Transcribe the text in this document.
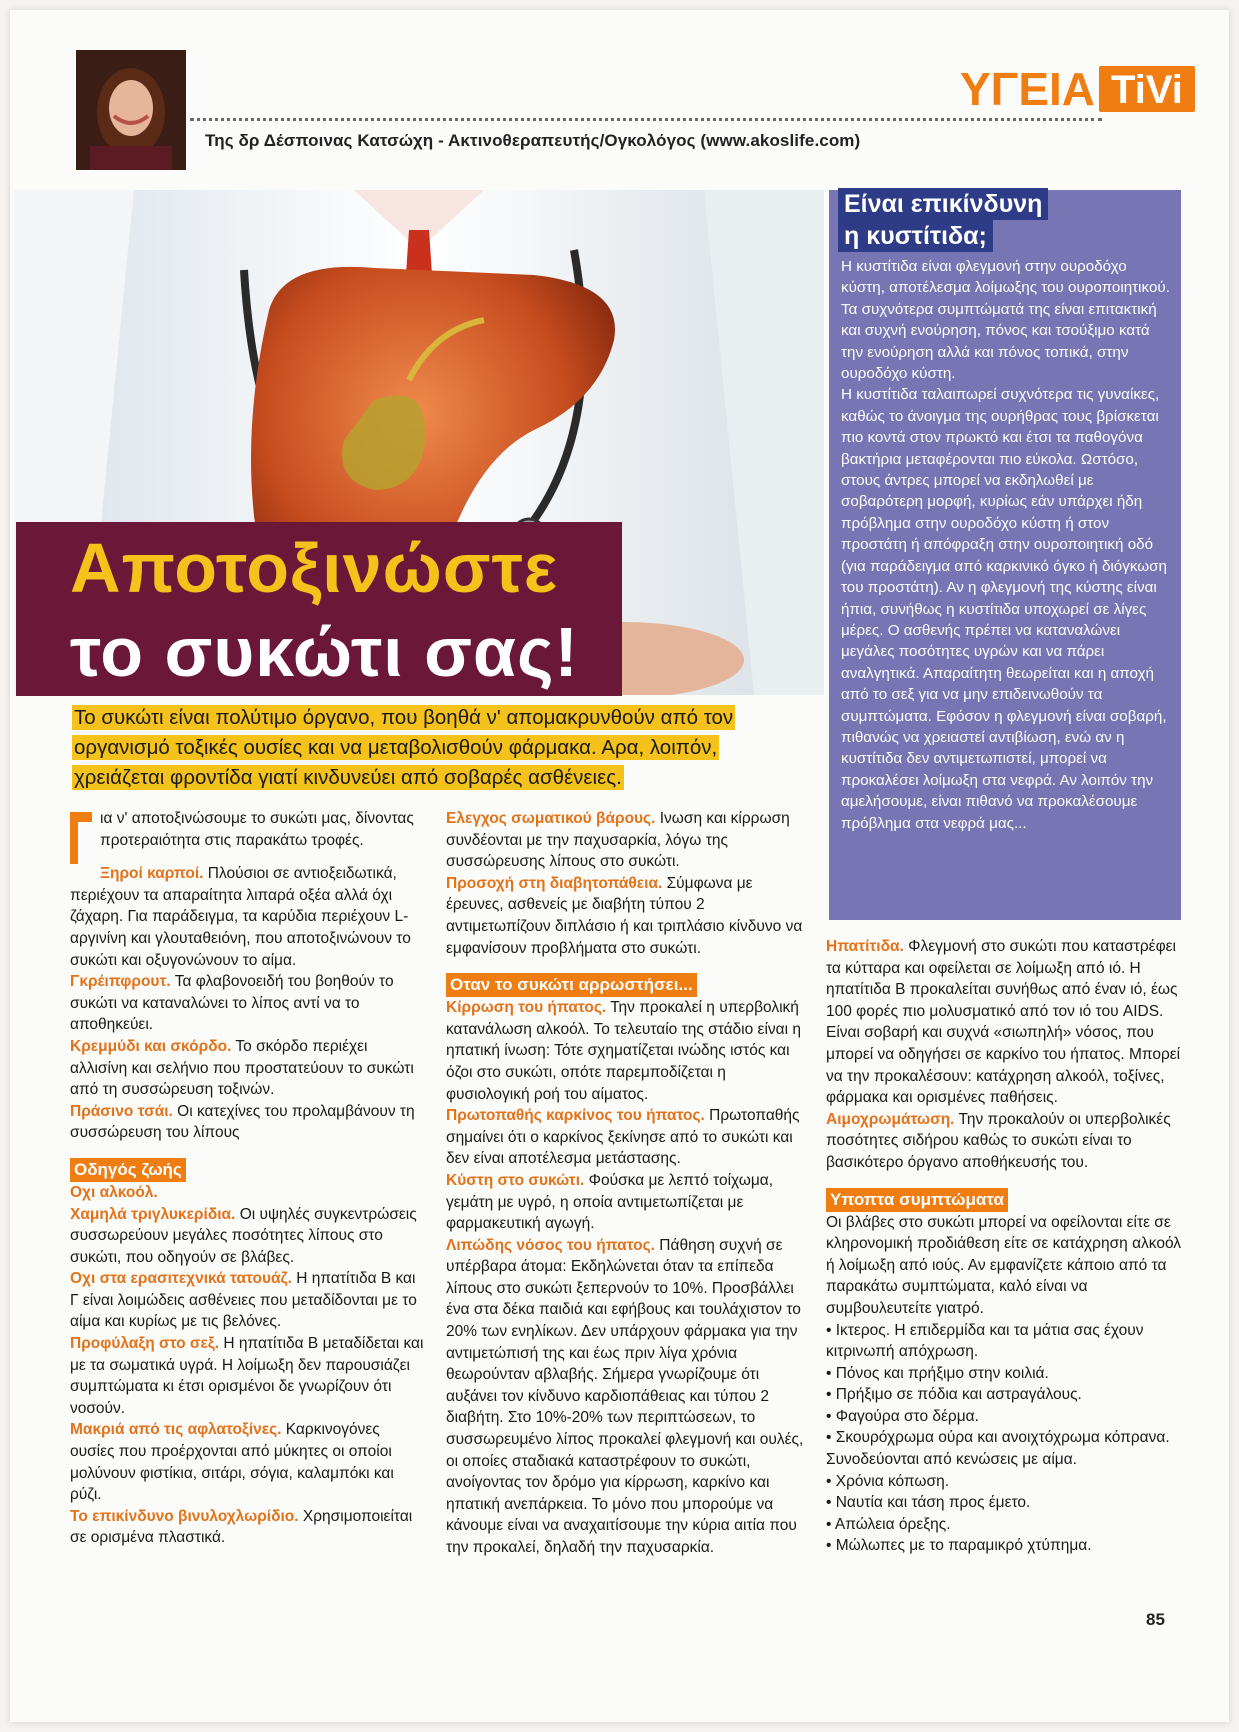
Της δρ Δέσποινας Κατσώχη - Ακτινοθεραπευτής/Ογκολόγος (www.akoslife.com)
ΥΓΕΙΑ TiVi
Αποτοξινώστε
το συκώτι σας!
Το συκώτι είναι πολύτιμο όργανο, που βοηθά ν' απομακρυνθούν από τον
οργανισμό τοξικές ουσίες και να μεταβολισθούν φάρμακα. Αρα, λοιπόν,
χρειάζεται φροντίδα γιατί κινδυνεύει από σοβαρές ασθένειες.

ια ν' αποτοξινώσουμε το συκώτι μας, δίνοντας προτεραιότητα στις παρακάτω τροφές.

Ξηροί καρποί. Πλούσιοι σε αντιοξειδωτικά, περιέχουν τα απαραίτητα λιπαρά οξέα αλλά όχι ζάχαρη. Για παράδειγμα, τα καρύδια περιέχουν L-αργινίνη και γλουταθειόνη, που αποτοξινώνουν το συκώτι και οξυγονώνουν το αίμα.

Γκρέιπφρουτ. Τα φλαβονοειδή του βοηθούν το συκώτι να καταναλώνει το λίπος αντί να το αποθηκεύει.

Κρεμμύδι και σκόρδο. Το σκόρδο περιέχει αλλισίνη και σελήνιο που προστατεύουν το συκώτι από τη συσσώρευση τοξινών.

Πράσινο τσάι. Οι κατεχίνες του προλαμβάνουν τη συσσώρευση του λίπους

Οδηγός ζωής

Οχι αλκοόλ.

Χαμηλά τριγλυκερίδια. Οι υψηλές συγκεντρώσεις συσσωρεύουν μεγάλες ποσότητες λίπους στο συκώτι, που οδηγούν σε βλάβες.

Οχι στα ερασιτεχνικά τατουάζ. Η ηπατίτιδα Β και Γ είναι λοιμώδεις ασθένειες που μεταδίδονται με το αίμα και κυρίως με τις βελόνες.

Προφύλαξη στο σεξ. Η ηπατίτιδα Β μεταδίδεται και με τα σωματικά υγρά. Η λοίμωξη δεν παρουσιάζει συμπτώματα κι έτσι ορισμένοι δε γνωρίζουν ότι νοσούν.

Μακριά από τις αφλατοξίνες. Καρκινογόνες ουσίες που προέρχονται από μύκητες οι οποίοι μολύνουν φιστίκια, σιτάρι, σόγια, καλαμπόκι και ρύζι.

Το επικίνδυνο βινυλοχλωρίδιο. Χρησιμοποιείται σε ορισμένα πλαστικά.

Ελεγχος σωματικού βάρους. Ινωση και κίρρωση συνδέονται με την παχυσαρκία, λόγω της συσσώρευσης λίπους στο συκώτι.

Προσοχή στη διαβητοπάθεια. Σύμφωνα με έρευνες, ασθενείς με διαβήτη τύπου 2 αντιμετωπίζουν διπλάσιο ή και τριπλάσιο κίνδυνο να εμφανίσουν προβλήματα στο συκώτι.

Οταν το συκώτι αρρωστήσει...

Κίρρωση του ήπατος. Την προκαλεί η υπερβολική κατανάλωση αλκοόλ. Το τελευταίο της στάδιο είναι η ηπατική ίνωση: Τότε σχηματίζεται ινώδης ιστός και όζοι στο συκώτι, οπότε παρεμποδίζεται η φυσιολογική ροή του αίματος.

Πρωτοπαθής καρκίνος του ήπατος. Πρωτοπαθής σημαίνει ότι ο καρκίνος ξεκίνησε από το συκώτι και δεν είναι αποτέλεσμα μετάστασης.

Κύστη στο συκώτι. Φούσκα με λεπτό τοίχωμα, γεμάτη με υγρό, η οποία αντιμετωπίζεται με φαρμακευτική αγωγή.

Λιπώδης νόσος του ήπατος. Πάθηση συχνή σε υπέρβαρα άτομα: Εκδηλώνεται όταν τα επίπεδα λίπους στο συκώτι ξεπερνούν το 10%. Προσβάλλει ένα στα δέκα παιδιά και εφήβους και τουλάχιστον το 20% των ενηλίκων. Δεν υπάρχουν φάρμακα για την αντιμετώπισή της και έως πριν λίγα χρόνια θεωρούνταν αβλαβής. Σήμερα γνωρίζουμε ότι αυξάνει τον κίνδυνο καρδιοπάθειας και τύπου 2 διαβήτη. Στο 10%-20% των περιπτώσεων, το συσσωρευμένο λίπος προκαλεί φλεγμονή και ουλές, οι οποίες σταδιακά καταστρέφουν το συκώτι, ανοίγοντας τον δρόμο για κίρρωση, καρκίνο και ηπατική ανεπάρκεια. Το μόνο που μπορούμε να κάνουμε είναι να αναχαιτίσουμε την κύρια αιτία που την προκαλεί, δηλαδή την παχυσαρκία.

Είναι επικίνδυνη
η κυστίτιδα;
Η κυστίτιδα είναι φλεγμονή στην ουροδόχο κύστη, αποτέλεσμα λοίμωξης του ουροποιητικού. Τα συχνότερα συμπτώματά της είναι επιτακτική και συχνή ενούρηση, πόνος και τσούξιμο κατά την ενούρηση αλλά και πόνος τοπικά, στην ουροδόχο κύστη.
Η κυστίτιδα ταλαιπωρεί συχνότερα τις γυναίκες, καθώς το άνοιγμα της ουρήθρας τους βρίσκεται πιο κοντά στον πρωκτό και έτσι τα παθογόνα βακτήρια μεταφέρονται πιο εύκολα. Ωστόσο, στους άντρες μπορεί να εκδηλωθεί με σοβαρότερη μορφή, κυρίως εάν υπάρχει ήδη πρόβλημα στην ουροδόχο κύστη ή στον προστάτη ή απόφραξη στην ουροποιητική οδό (για παράδειγμα από καρκινικό όγκο ή διόγκωση του προστάτη). Αν η φλεγμονή της κύστης είναι ήπια, συνήθως η κυστίτιδα υποχωρεί σε λίγες μέρες. Ο ασθενής πρέπει να καταναλώνει μεγάλες ποσότητες υγρών και να πάρει αναλγητικά. Απαραίτητη θεωρείται και η αποχή από το σεξ για να μην επιδεινωθούν τα συμπτώματα. Εφόσον η φλεγμονή είναι σοβαρή, πιθανώς να χρειαστεί αντιβίωση, ενώ αν η κυστίτιδα δεν αντιμετωπιστεί, μπορεί να προκαλέσει λοίμωξη στα νεφρά. Αν λοιπόν την αμελήσουμε, είναι πιθανό να προκαλέσουμε πρόβλημα στα νεφρά μας...

Ηπατίτιδα. Φλεγμονή στο συκώτι που καταστρέφει τα κύτταρα και οφείλεται σε λοίμωξη από ιό. Η ηπατίτιδα Β προκαλείται συνήθως από έναν ιό, έως 100 φορές πιο μολυσματικό από τον ιό του AIDS. Είναι σοβαρή και συχνά «σιωπηλή» νόσος, που μπορεί να οδηγήσει σε καρκίνο του ήπατος. Μπορεί να την προκαλέσουν: κατάχρηση αλκοόλ, τοξίνες, φάρμακα και ορισμένες παθήσεις.

Αιμοχρωμάτωση. Την προκαλούν οι υπερβολικές ποσότητες σιδήρου καθώς το συκώτι είναι το βασικότερο όργανο αποθήκευσής του.

Υποπτα συμπτώματα

Οι βλάβες στο συκώτι μπορεί να οφείλονται είτε σε κληρονομική προδιάθεση είτε σε κατάχρηση αλκοόλ ή λοίμωξη από ιούς. Αν εμφανίζετε κάποιο από τα παρακάτω συμπτώματα, καλό είναι να συμβουλευτείτε γιατρό.

• Ικτερος. Η επιδερμίδα και τα μάτια σας έχουν κιτρινωπή απόχρωση.

• Πόνος και πρήξιμο στην κοιλιά.

• Πρήξιμο σε πόδια και αστραγάλους.

• Φαγούρα στο δέρμα.

• Σκουρόχρωμα ούρα και ανοιχτόχρωμα κόπρανα. Συνοδεύονται από κενώσεις με αίμα.

• Χρόνια κόπωση.

• Ναυτία και τάση προς έμετο.

• Απώλεια όρεξης.

• Μώλωπες με το παραμικρό χτύπημα.

85
